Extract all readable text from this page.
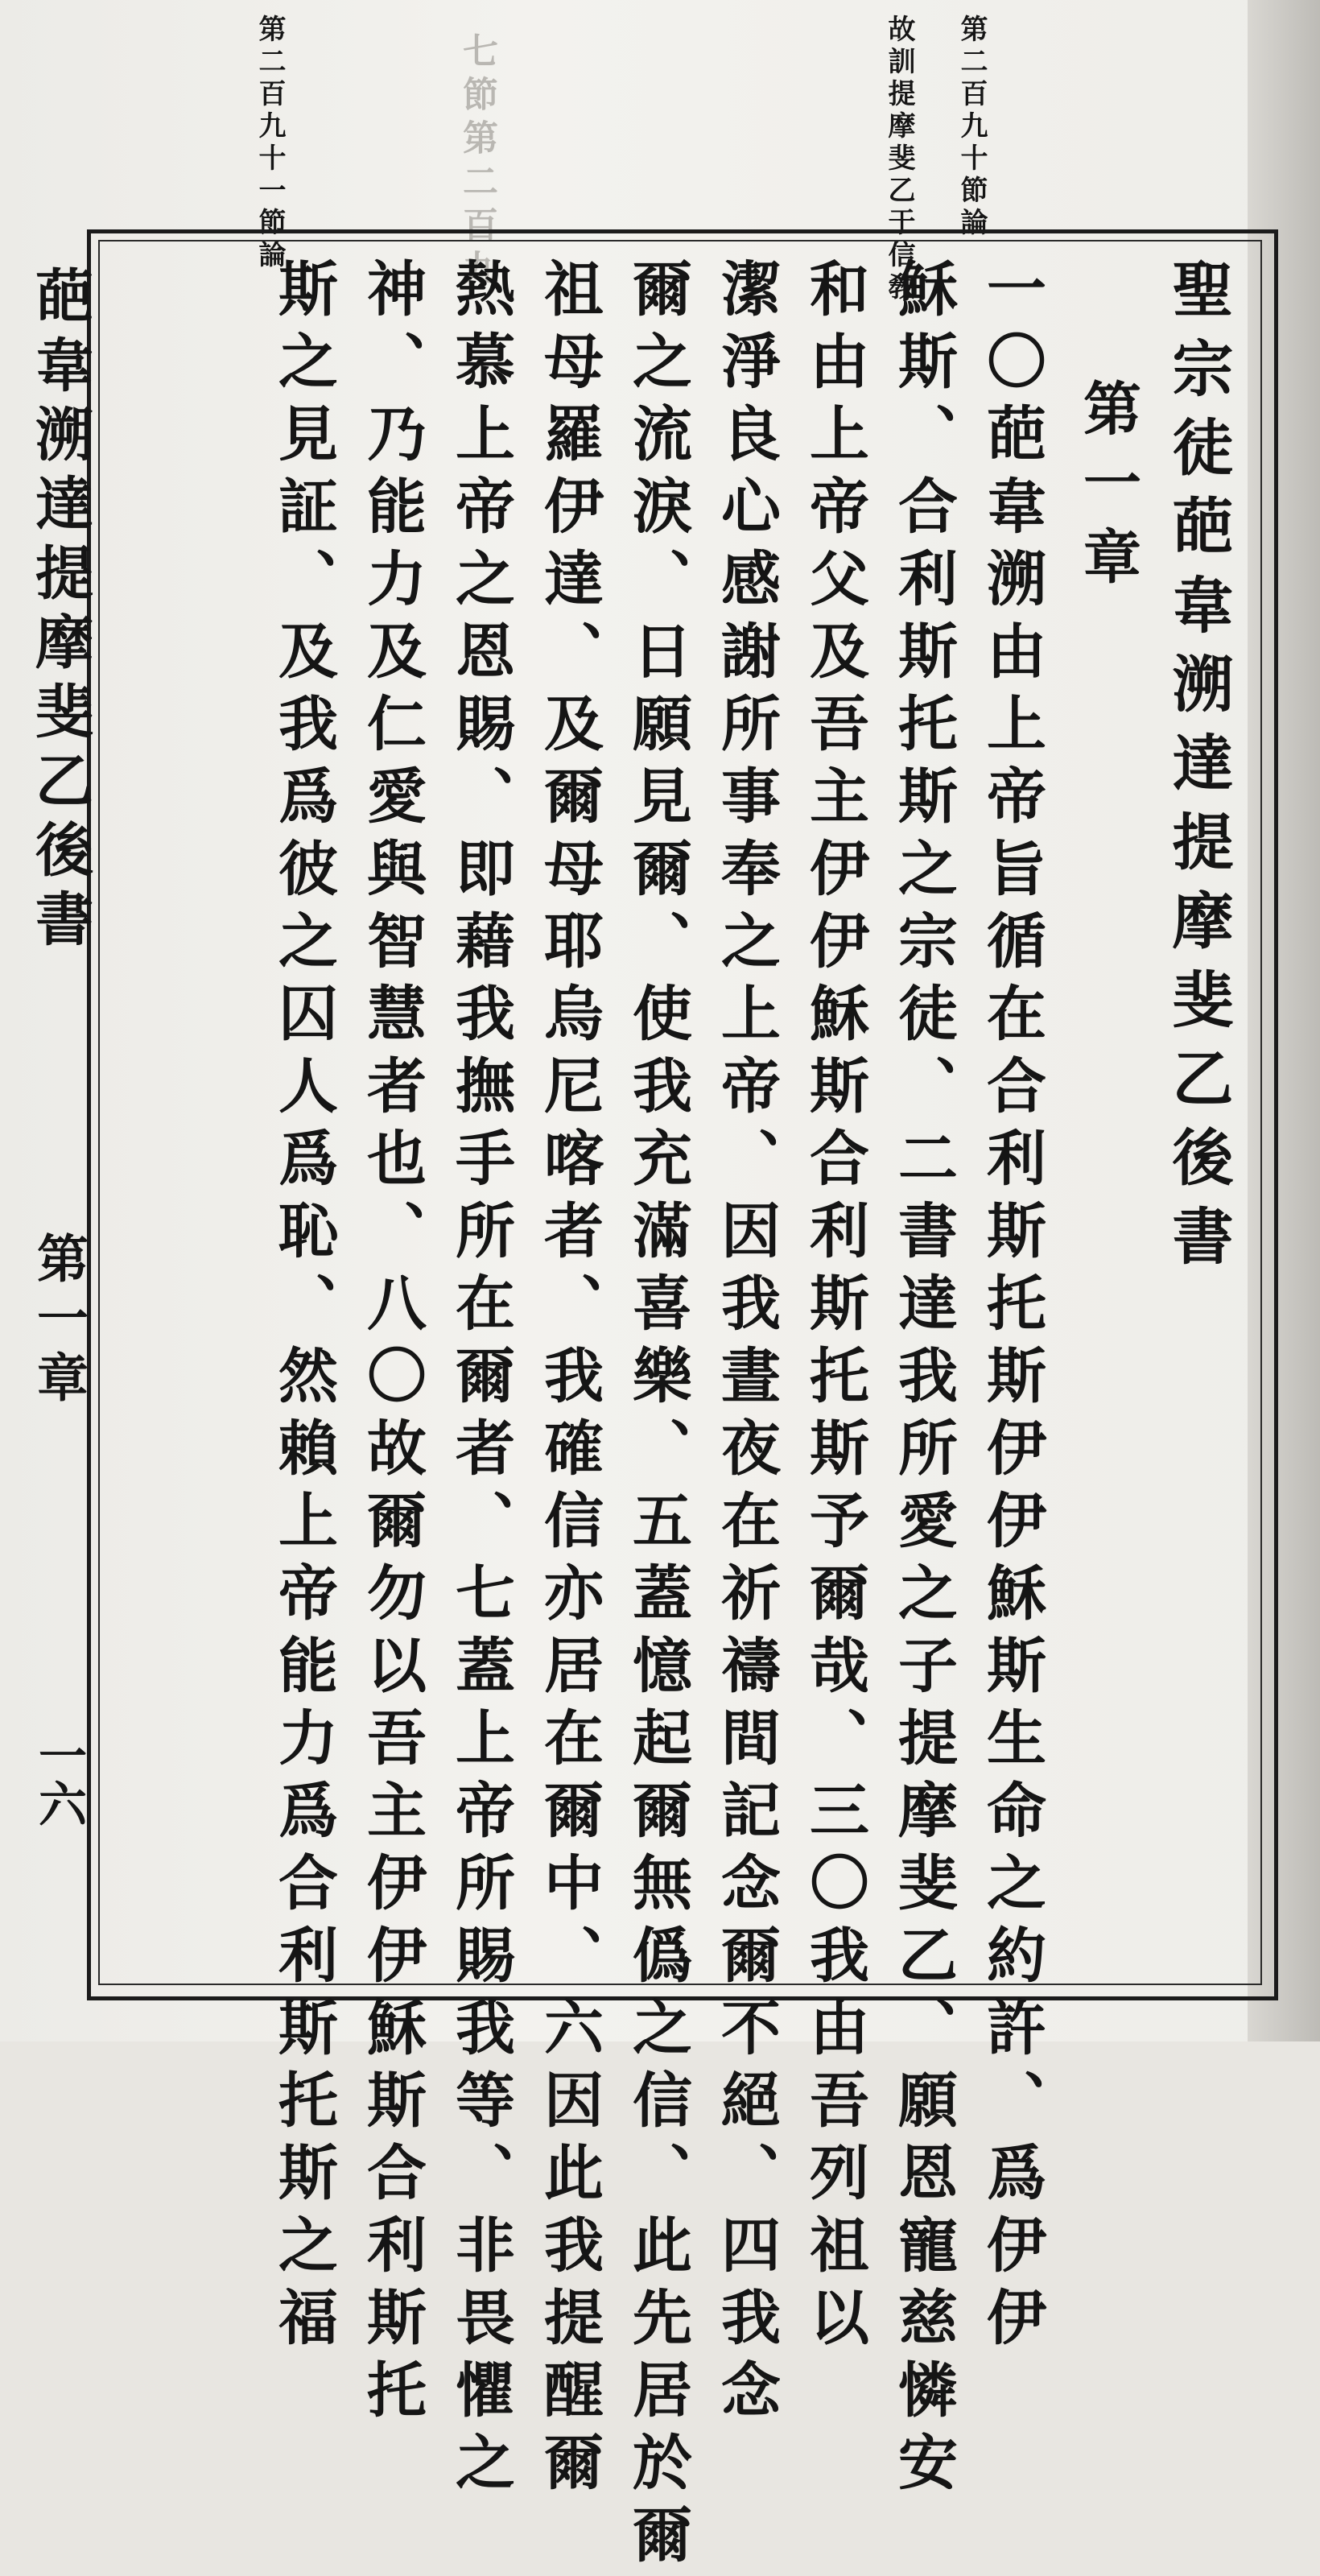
七節第二百九	第二百九十節論
故訓提摩斐乙于信敎
第二百九十一節論
聖宗徒葩韋溯達提摩斐乙後書
第一章
一〇葩韋溯由上帝旨循在合利斯托斯伊伊穌斯生命之約許、爲伊伊
穌斯、合利斯托斯之宗徒、二書達我所愛之子提摩斐乙、願恩寵慈憐安
和由上帝父及吾主伊伊穌斯合利斯托斯予爾哉、三〇我由吾列祖以
潔淨良心感謝所事奉之上帝、因我晝夜在祈禱間記念爾不絕、四我念
爾之流淚、日願見爾、使我充滿喜樂、五蓋憶起爾無僞之信、此先居於爾
祖母羅伊達、及爾母耶烏尼喀者、我確信亦居在爾中、六因此我提醒爾
熱慕上帝之恩賜、即藉我撫手所在爾者、七蓋上帝所賜我等、非畏懼之
神、乃能力及仁愛與智慧者也、八〇故爾勿以吾主伊伊穌斯合利斯托
斯之見証、及我爲彼之囚人爲恥、然賴上帝能力爲合利斯托斯之福
葩韋溯達提摩斐乙後書
第一章
一六
